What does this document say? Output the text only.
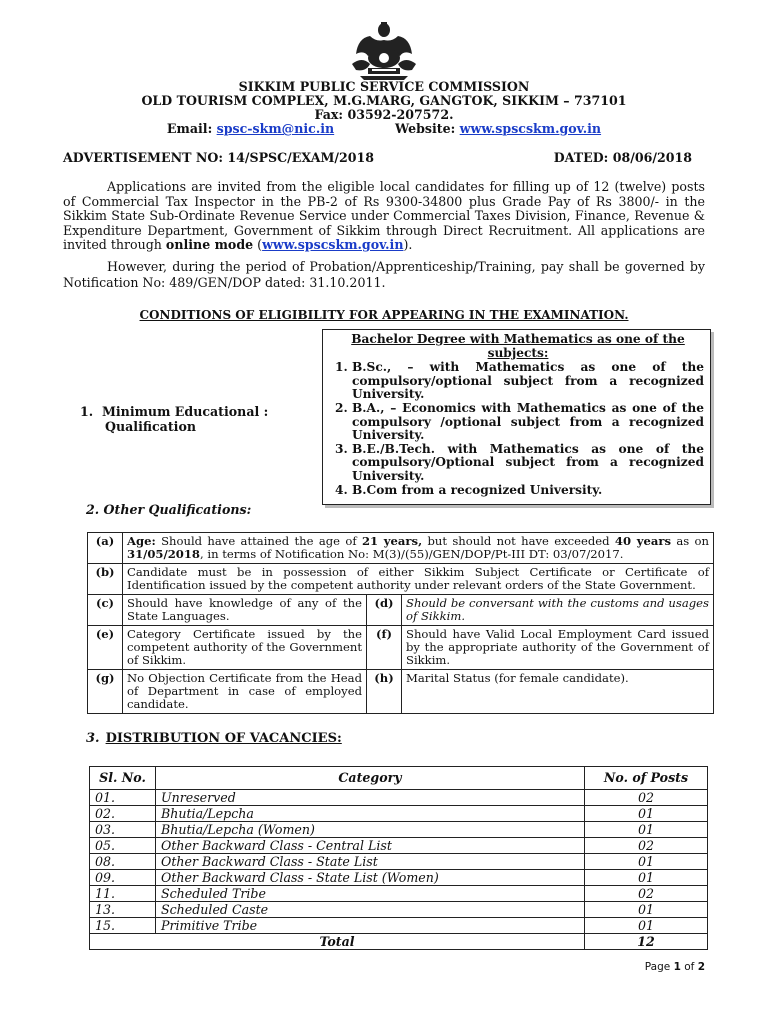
SIKKIM PUBLIC SERVICE COMMISSION
OLD TOURISM COMPLEX, M.G.MARG, GANGTOK, SIKKIM – 737101
Fax: 03592-207572.
Email: spsc-skm@nic.in	Website: www.spscskm.gov.in
ADVERTISEMENT NO: 14/SPSC/EXAM/2018	DATED: 08/06/2018
Applications are invited from the eligible local candidates for filling up of 12 (twelve) posts of Commercial Tax Inspector in the PB-2 of Rs 9300-34800 plus Grade Pay of Rs 3800/- in the Sikkim State Sub-Ordinate Revenue Service under Commercial Taxes Division, Finance, Revenue & Expenditure Department, Government of Sikkim through Direct Recruitment. All applications are invited through online mode (www.spscskm.gov.in).
However, during the period of Probation/Apprenticeship/Training, pay shall be governed by Notification No: 489/GEN/DOP dated: 31.10.2011.
CONDITIONS OF ELIGIBILITY FOR APPEARING IN THE EXAMINATION.
1. Minimum Educational :
Qualification
Bachelor Degree with Mathematics as one of the subjects:
1. B.Sc., – with Mathematics as one of the compulsory/optional subject from a recognized University.
2. B.A., – Economics with Mathematics as one of the compulsory /optional subject from a recognized University.
3. B.E./B.Tech. with Mathematics as one of the compulsory/Optional subject from a recognized University.
4. B.Com from a recognized University.
2. Other Qualifications:
(a)	Age: Should have attained the age of 21 years, but should not have exceeded 40 years as on 31/05/2018, in terms of Notification No: M(3)/(55)/GEN/DOP/Pt-III DT: 03/07/2017.		
(b)	Candidate must be in possession of either Sikkim Subject Certificate or Certificate of Identification issued by the competent authority under relevant orders of the State Government.		
(c)	Should have knowledge of any of the State Languages.	(d)	Should be conversant with the customs and usages of Sikkim.
(e)	Category Certificate issued by the competent authority of the Government of Sikkim.	(f)	Should have Valid Local Employment Card issued by the appropriate authority of the Government of Sikkim.
(g)	No Objection Certificate from the Head of Department in case of employed candidate.	(h)	Marital Status (for female candidate).
3. DISTRIBUTION OF VACANCIES:
Sl. No.	Category	No. of Posts
01.	Unreserved	02
02.	Bhutia/Lepcha	01
03.	Bhutia/Lepcha (Women)	01
05.	Other Backward Class - Central List	02
08.	Other Backward Class - State List	01
09.	Other Backward Class - State List (Women)	01
11.	Scheduled Tribe	02
13.	Scheduled Caste	01
15.	Primitive Tribe	01
Total		12
Page 1 of 2
